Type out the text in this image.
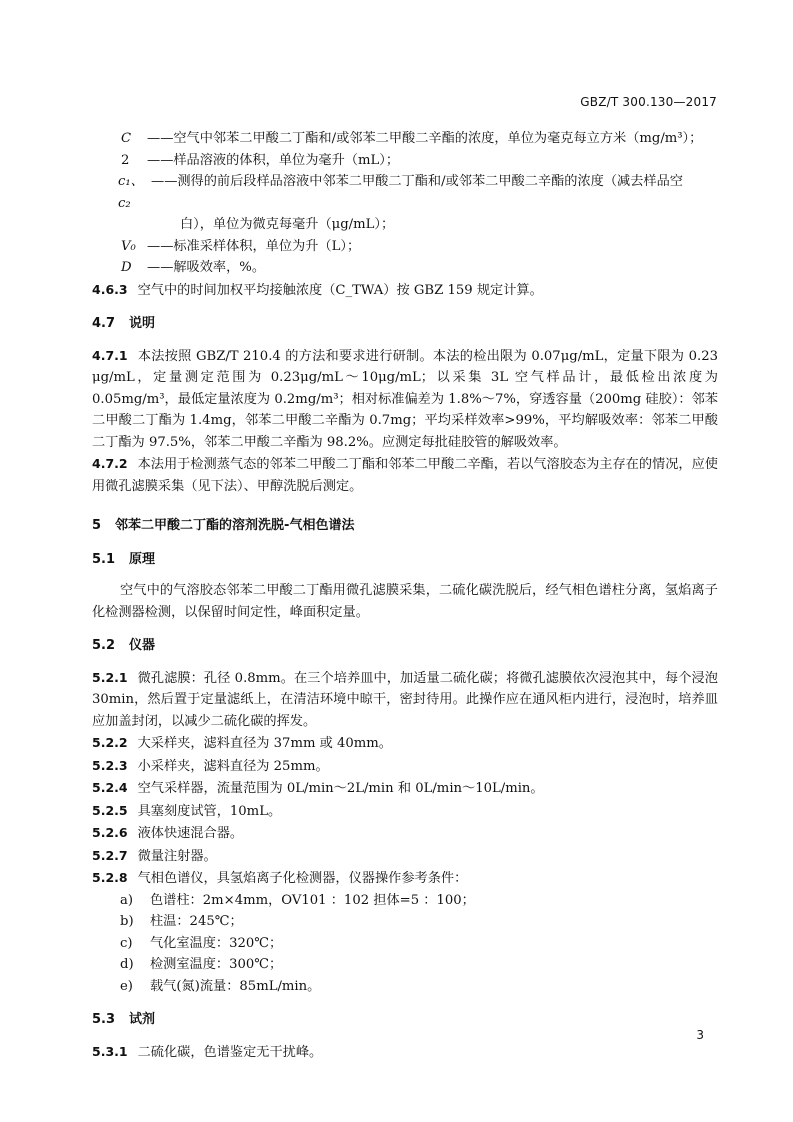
GBZ/T 300.130—2017
C	—— 空气中邻苯二甲酸二丁酯和/或邻苯二甲酸二辛酯的浓度，单位为毫克每立方米（mg/m³）；
2	—— 样品溶液的体积，单位为毫升（mL）；
c₁、c₂
—— 测得的前后段样品溶液中邻苯二甲酸二丁酯和/或邻苯二甲酸二辛酯的浓度（减去样品空
白），单位为微克每毫升（μg/mL）；
V₀ —— 标准采样体积，单位为升（L）；
D	—— 解吸效率，%。

4.6.3 空气中的时间加权平均接触浓度（C_TWA）按 GBZ 159 规定计算。

4.7 说明

4.7.1 本法按照 GBZ/T 210.4 的方法和要求进行研制。本法的检出限为 0.07μg/mL，定量下限为 0.23 μg/mL，定量测定范围为 0.23μg/mL～10μg/mL；以采集 3L 空气样品计，最低检出浓度为 0.05mg/m³，最低定量浓度为 0.2mg/m³；相对标准偏差为 1.8%～7%，穿透容量（200mg 硅胶）：邻苯二甲酸二丁酯为 1.4mg，邻苯二甲酸二辛酯为 0.7mg；平均采样效率>99%，平均解吸效率：邻苯二甲酸二丁酯为 97.5%，邻苯二甲酸二辛酯为 98.2%。应测定每批硅胶管的解吸效率。

4.7.2 本法用于检测蒸气态的邻苯二甲酸二丁酯和邻苯二甲酸二辛酯，若以气溶胶态为主存在的情况，应使用微孔滤膜采集（见下法）、甲醇洗脱后测定。

5 邻苯二甲酸二丁酯的溶剂洗脱-气相色谱法
5.1 原理

空气中的气溶胶态邻苯二甲酸二丁酯用微孔滤膜采集，二硫化碳洗脱后，经气相色谱柱分离，氢焰离子化检测器检测，以保留时间定性，峰面积定量。

5.2 仪器

5.2.1 微孔滤膜：孔径 0.8mm。在三个培养皿中，加适量二硫化碳；将微孔滤膜依次浸泡其中，每个浸泡 30min，然后置于定量滤纸上，在清洁环境中晾干，密封待用。此操作应在通风柜内进行，浸泡时，培养皿应加盖封闭，以减少二硫化碳的挥发。

5.2.2 大采样夹，滤料直径为 37mm 或 40mm。

5.2.3 小采样夹，滤料直径为 25mm。

5.2.4 空气采样器，流量范围为 0L/min～2L/min 和 0L/min～10L/min。

5.2.5 具塞刻度试管，10mL。

5.2.6 液体快速混合器。

5.2.7 微量注射器。

5.2.8 气相色谱仪，具氢焰离子化检测器，仪器操作参考条件：

a)	色谱柱：2m×4mm，OV101 ：102 担体=5 ：100；
b)	柱温：245℃；
c)	气化室温度：320℃；
d)	检测室温度：300℃；
e)	载气(氮)流量：85mL/min。
5.3 试剂

5.3.1 二硫化碳，色谱鉴定无干扰峰。

3
